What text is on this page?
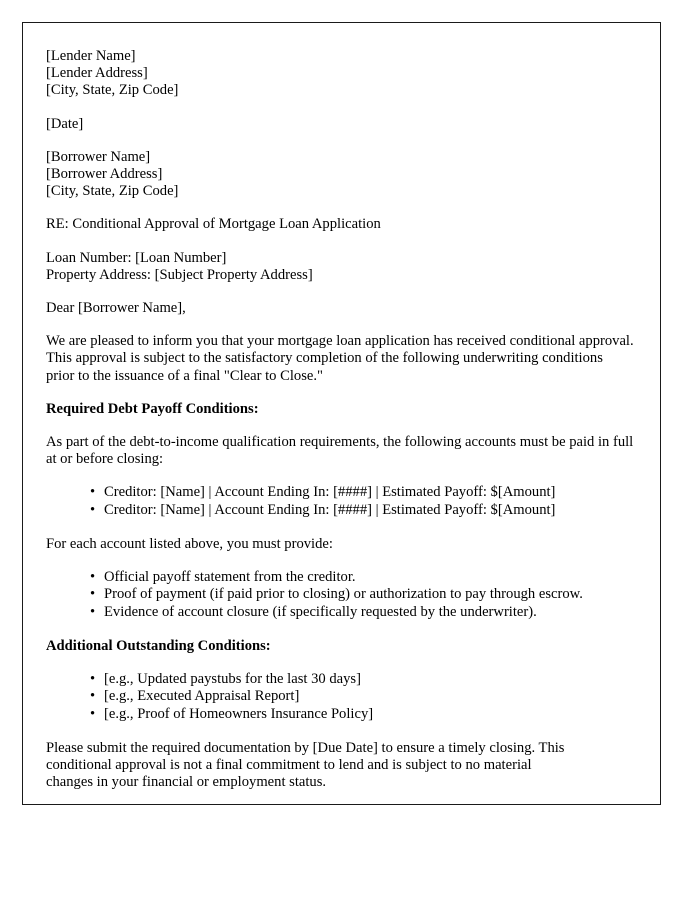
[Lender Name]
[Lender Address]
[City, State, Zip Code]
[Date]
[Borrower Name]
[Borrower Address]
[City, State, Zip Code]
RE: Conditional Approval of Mortgage Loan Application
Loan Number: [Loan Number]
Property Address: [Subject Property Address]
Dear [Borrower Name],
We are pleased to inform you that your mortgage loan application has received conditional approval. This approval is subject to the satisfactory completion of the following underwriting conditions prior to the issuance of a final "Clear to Close."
Required Debt Payoff Conditions:
As part of the debt-to-income qualification requirements, the following accounts must be paid in full at or before closing:
• Creditor: [Name] | Account Ending In: [####] | Estimated Payoff: $[Amount]
• Creditor: [Name] | Account Ending In: [####] | Estimated Payoff: $[Amount]
For each account listed above, you must provide:
• Official payoff statement from the creditor.
• Proof of payment (if paid prior to closing) or authorization to pay through escrow.
• Evidence of account closure (if specifically requested by the underwriter).
Additional Outstanding Conditions:
• [e.g., Updated paystubs for the last 30 days]
• [e.g., Executed Appraisal Report]
• [e.g., Proof of Homeowners Insurance Policy]
Please submit the required documentation by [Due Date] to ensure a timely closing. This
conditional approval is not a final commitment to lend and is subject to no material
changes in your financial or employment status.
